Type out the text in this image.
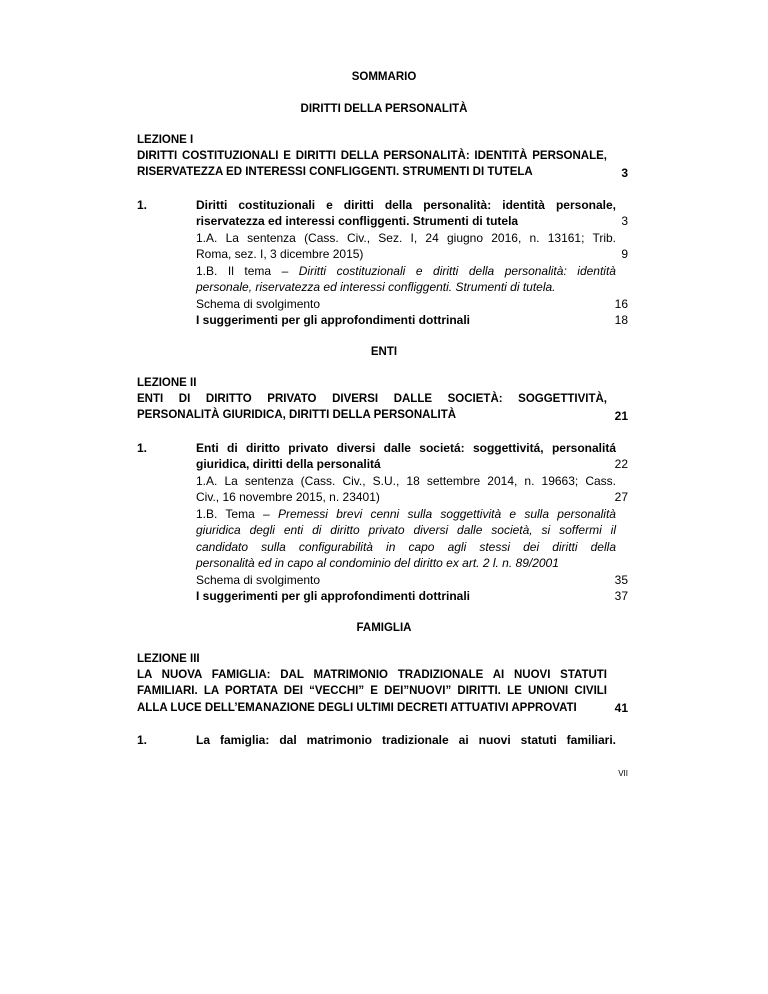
SOMMARIO
DIRITTI DELLA PERSONALITÀ
LEZIONE I
DIRITTI COSTITUZIONALI E DIRITTI DELLA PERSONALITÀ: IDENTITÀ PERSONALE,
RISERVATEZZA ED INTERESSI CONFLIGGENTI. STRUMENTI DI TUTELA	3
1.	Diritti costituzionali e diritti della personalità: identità personale,
riservatezza ed interessi confliggenti. Strumenti di tutela	3
1.A. La sentenza (Cass. Civ., Sez. I, 24 giugno 2016, n. 13161; Trib.
Roma, sez. I, 3 dicembre 2015)	9
1.B. Il tema – Diritti costituzionali e diritti della personalità: identità
personale, riservatezza ed interessi confliggenti. Strumenti di tutela.
Schema di svolgimento	16
I suggerimenti per gli approfondimenti dottrinali	18
ENTI
LEZIONE II
ENTI DI DIRITTO PRIVATO DIVERSI DALLE SOCIETÀ: SOGGETTIVITÀ,
PERSONALITÀ GIURIDICA, DIRITTI DELLA PERSONALITÀ	21
1.	Enti di diritto privato diversi dalle societá: soggettivitá, personalitá
giuridica, diritti della personalitá	22
1.A. La sentenza (Cass. Civ., S.U., 18 settembre 2014, n. 19663; Cass.
Civ., 16 novembre 2015, n. 23401)	27
1.B. Tema – Premessi brevi cenni sulla soggettività e sulla personalità
giuridica degli enti di diritto privato diversi dalle società, si soffermi il
candidato sulla configurabilità in capo agli stessi dei diritti della
personalità ed in capo al condominio del diritto ex art. 2 l. n. 89/2001
Schema di svolgimento	35
I suggerimenti per gli approfondimenti dottrinali	37
FAMIGLIA
LEZIONE III
LA NUOVA FAMIGLIA: DAL MATRIMONIO TRADIZIONALE AI NUOVI STATUTI
FAMILIARI. LA PORTATA DEI “VECCHI” E DEI”NUOVI” DIRITTI. LE UNIONI CIVILI
ALLA LUCE DELL’EMANAZIONE DEGLI ULTIMI DECRETI ATTUATIVI APPROVATI	41
1.	La famiglia: dal matrimonio tradizionale ai nuovi statuti familiari.
VII
